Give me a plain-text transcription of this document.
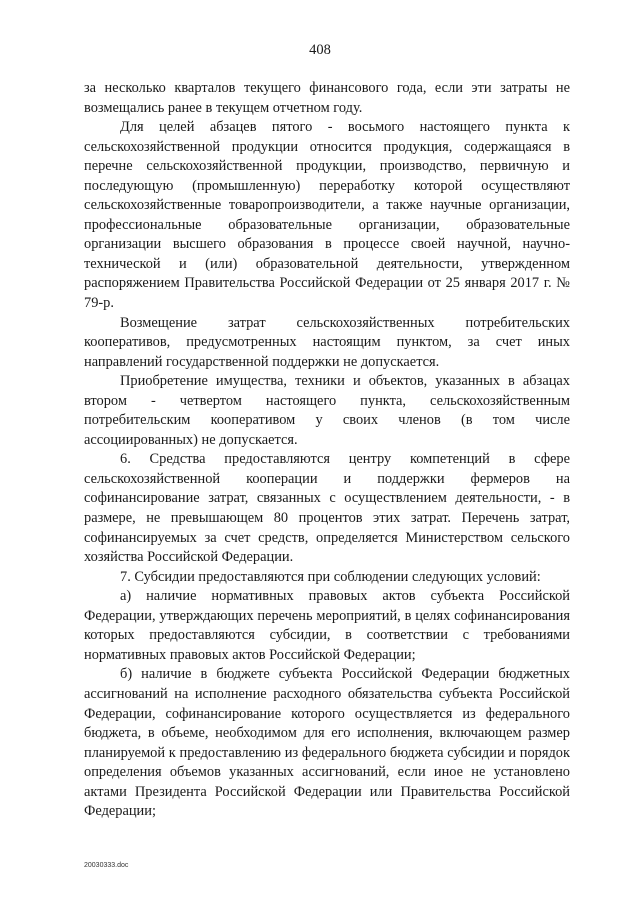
408

за несколько кварталов текущего финансового года, если эти затраты не возмещались ранее в текущем отчетном году.

Для целей абзацев пятого - восьмого настоящего пункта к сельскохозяйственной продукции относится продукция, содержащаяся в перечне сельскохозяйственной продукции, производство, первичную и последующую (промышленную) переработку которой осуществляют сельскохозяйственные товаропроизводители, а также научные организации, профессиональные образовательные организации, образовательные организации высшего образования в процессе своей научной, научно-технической и (или) образовательной деятельности, утвержденном распоряжением Правительства Российской Федерации от 25 января 2017 г. № 79-р.

Возмещение затрат сельскохозяйственных потребительских кооперативов, предусмотренных настоящим пунктом, за счет иных направлений государственной поддержки не допускается.

Приобретение имущества, техники и объектов, указанных в абзацах втором - четвертом настоящего пункта, сельскохозяйственным потребительским кооперативом у своих членов (в том числе ассоциированных) не допускается.

6. Средства предоставляются центру компетенций в сфере сельскохозяйственной кооперации и поддержки фермеров на софинансирование затрат, связанных с осуществлением деятельности, - в размере, не превышающем 80 процентов этих затрат. Перечень затрат, софинансируемых за счет средств, определяется Министерством сельского хозяйства Российской Федерации.

7. Субсидии предоставляются при соблюдении следующих условий:

а) наличие нормативных правовых актов субъекта Российской Федерации, утверждающих перечень мероприятий, в целях софинансирования которых предоставляются субсидии, в соответствии с требованиями нормативных правовых актов Российской Федерации;

б) наличие в бюджете субъекта Российской Федерации бюджетных ассигнований на исполнение расходного обязательства субъекта Российской Федерации, софинансирование которого осуществляется из федерального бюджета, в объеме, необходимом для его исполнения, включающем размер планируемой к предоставлению из федерального бюджета субсидии и порядок определения объемов указанных ассигнований, если иное не установлено актами Президента Российской Федерации или Правительства Российской Федерации;

20030333.doc
